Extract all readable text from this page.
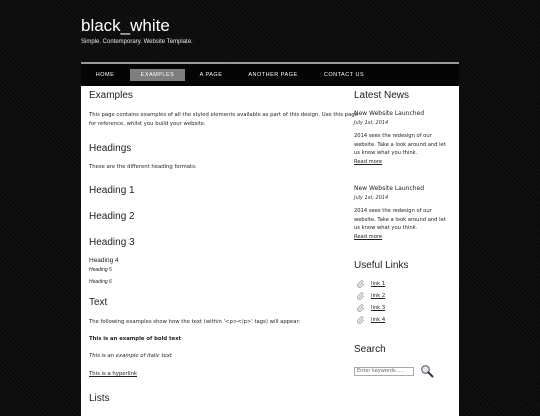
black_white
Simple. Contemporary. Website Template.
HOME	EXAMPLES	A PAGE	ANOTHER PAGE	CONTACT US
Examples
This page contains examples of all the styled elements available as part of this design. Use this page
for reference, whilst you build your website.
Headings
These are the different heading formats:
Heading 1
Heading 2
Heading 3
Heading 4
Heading 5
Heading 6
Text
The following examples show how the text (within '<p></p>' tags) will appear:
This is an example of bold text
This is an example of italic text
This is a hyperlink
Lists
Latest News
New Website Launched
July 1st, 2014
2014 sees the redesign of our
website. Take a look around and let
us know what you think.
Read more
New Website Launched
July 1st, 2014
2014 sees the redesign of our
website. Take a look around and let
us know what you think.
Read more
Useful Links
link 1
link 2
link 3
link 4
Search
Enter keywords.....
